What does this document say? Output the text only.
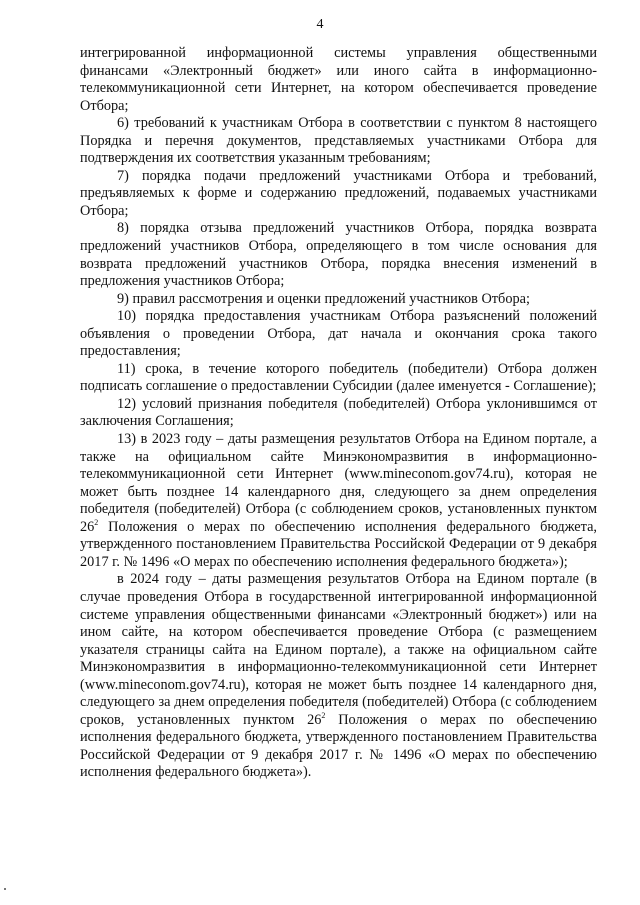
4

интегрированной информационной системы управления общественными финансами «Электронный бюджет» или иного сайта в информационно-телекоммуникационной сети Интернет, на котором обеспечивается проведение Отбора;

6) требований к участникам Отбора в соответствии с пунктом 8 настоящего Порядка и перечня документов, представляемых участниками Отбора для подтверждения их соответствия указанным требованиям;

7) порядка подачи предложений участниками Отбора и требований, предъявляемых к форме и содержанию предложений, подаваемых участниками Отбора;

8) порядка отзыва предложений участников Отбора, порядка возврата предложений участников Отбора, определяющего в том числе основания для возврата предложений участников Отбора, порядка внесения изменений в предложения участников Отбора;

9) правил рассмотрения и оценки предложений участников Отбора;

10) порядка предоставления участникам Отбора разъяснений положений объявления о проведении Отбора, дат начала и окончания срока такого предоставления;

11) срока, в течение которого победитель (победители) Отбора должен подписать соглашение о предоставлении Субсидии (далее именуется - Соглашение);

12) условий признания победителя (победителей) Отбора уклонившимся от заключения Соглашения;

13) в 2023 году – даты размещения результатов Отбора на Едином портале, а также на официальном сайте Минэкономразвития в информационно-телекоммуникационной сети Интернет (www.mineconom.gov74.ru), которая не может быть позднее 14 календарного дня, следующего за днем определения победителя (победителей) Отбора (с соблюдением сроков, установленных пунктом $26^2$ Положения о мерах по обеспечению исполнения федерального бюджета, утвержденного постановлением Правительства Российской Федерации от 9 декабря 2017 г. № 1496 «О мерах по обеспечению исполнения федерального бюджета»);

в 2024 году – даты размещения результатов Отбора на Едином портале (в случае проведения Отбора в государственной интегрированной информационной системе управления общественными финансами «Электронный бюджет») или на ином сайте, на котором обеспечивается проведение Отбора (с размещением указателя страницы сайта на Едином портале), а также на официальном сайте Минэкономразвития в информационно-телекоммуникационной сети Интернет (www.mineconom.gov74.ru), которая не может быть позднее 14 календарного дня, следующего за днем определения победителя (победителей) Отбора (с соблюдением сроков, установленных пунктом $26^2$ Положения о мерах по обеспечению исполнения федерального бюджета, утвержденного постановлением Правительства Российской Федерации от 9 декабря 2017 г. № 1496 «О мерах по обеспечению исполнения федерального бюджета»).
